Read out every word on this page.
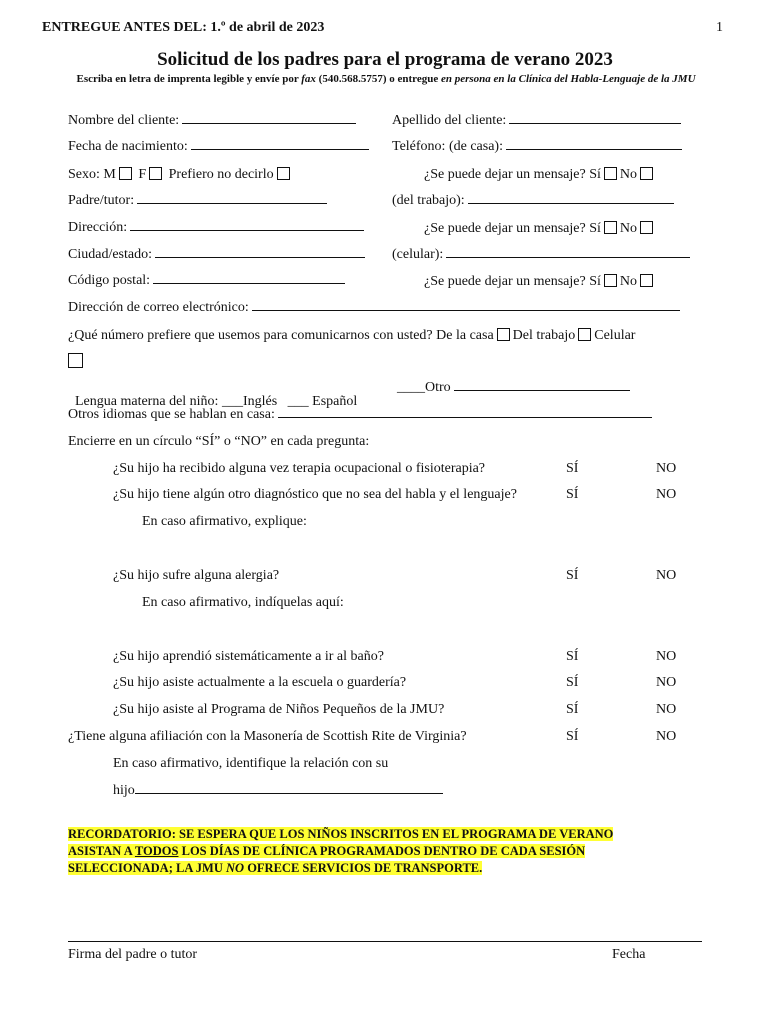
ENTREGUE ANTES DEL: 1.º de abril de 2023	1
Solicitud de los padres para el programa de verano 2023
Escriba en letra de imprenta legible y envíe por fax (540.568.5757) o entregue en persona en la Clínica del Habla-Lenguaje de la JMU
Nombre del cliente:	Apellido del cliente:
Fecha de nacimiento:	Teléfono: (de casa):
Sexo: M F Prefiero no decirlo	¿Se puede dejar un mensaje? Sí No
Padre/tutor:	(del trabajo):
Dirección:	¿Se puede dejar un mensaje? Sí No
Ciudad/estado:	(celular):
Código postal:	¿Se puede dejar un mensaje? Sí No
Dirección de correo electrónico:
¿Qué número prefiere que usemos para comunicarnos con usted? De la casa Del trabajo Celular

Lengua materna del niño: ___Inglés   ___ Español

____Otro
Otros idiomas que se hablan en casa:
Encierre en un círculo “SÍ” o “NO” en cada pregunta:
¿Su hijo ha recibido alguna vez terapia ocupacional o fisioterapia?	SÍ	NO
¿Su hijo tiene algún otro diagnóstico que no sea del habla y el lenguaje?	SÍ	NO
En caso afirmativo, explique:
¿Su hijo sufre alguna alergia?	SÍ	NO
En caso afirmativo, indíquelas aquí:
¿Su hijo aprendió sistemáticamente a ir al baño?	SÍ	NO
¿Su hijo asiste actualmente a la escuela o guardería?	SÍ	NO
¿Su hijo asiste al Programa de Niños Pequeños de la JMU?	SÍ	NO
¿Tiene alguna afiliación con la Masonería de Scottish Rite de Virginia?	SÍ	NO
En caso afirmativo, identifique la relación con su
hijo
RECORDATORIO: SE ESPERA QUE LOS NIÑOS INSCRITOS EN EL PROGRAMA DE VERANO
ASISTAN A TODOS LOS DÍAS DE CLÍNICA PROGRAMADOS DENTRO DE CADA SESIÓN
SELECCIONADA; LA JMU NO OFRECE SERVICIOS DE TRANSPORTE.
Firma del padre o tutor	Fecha
